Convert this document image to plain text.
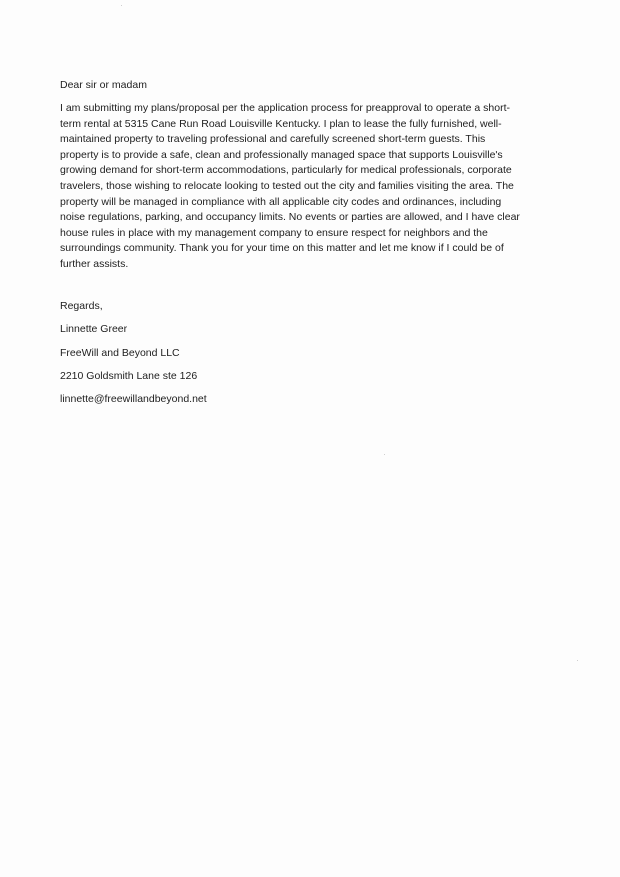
Dear sir or madam

I am submitting my plans/proposal per the application process for preapproval to operate a short-
term rental at 5315 Cane Run Road Louisville Kentucky. I plan to lease the fully furnished, well-
maintained property to traveling professional and carefully screened short-term guests. This
property is to provide a safe, clean and professionally managed space that supports Louisville's
growing demand for short-term accommodations, particularly for medical professionals, corporate
travelers, those wishing to relocate looking to tested out the city and families visiting the area. The
property will be managed in compliance with all applicable city codes and ordinances, including
noise regulations, parking, and occupancy limits. No events or parties are allowed, and I have clear
house rules in place with my management company to ensure respect for neighbors and the
surroundings community. Thank you for your time on this matter and let me know if I could be of
further assists.

Regards,

Linnette Greer

FreeWill and Beyond LLC

2210 Goldsmith Lane ste 126

linnette@freewillandbeyond.net
